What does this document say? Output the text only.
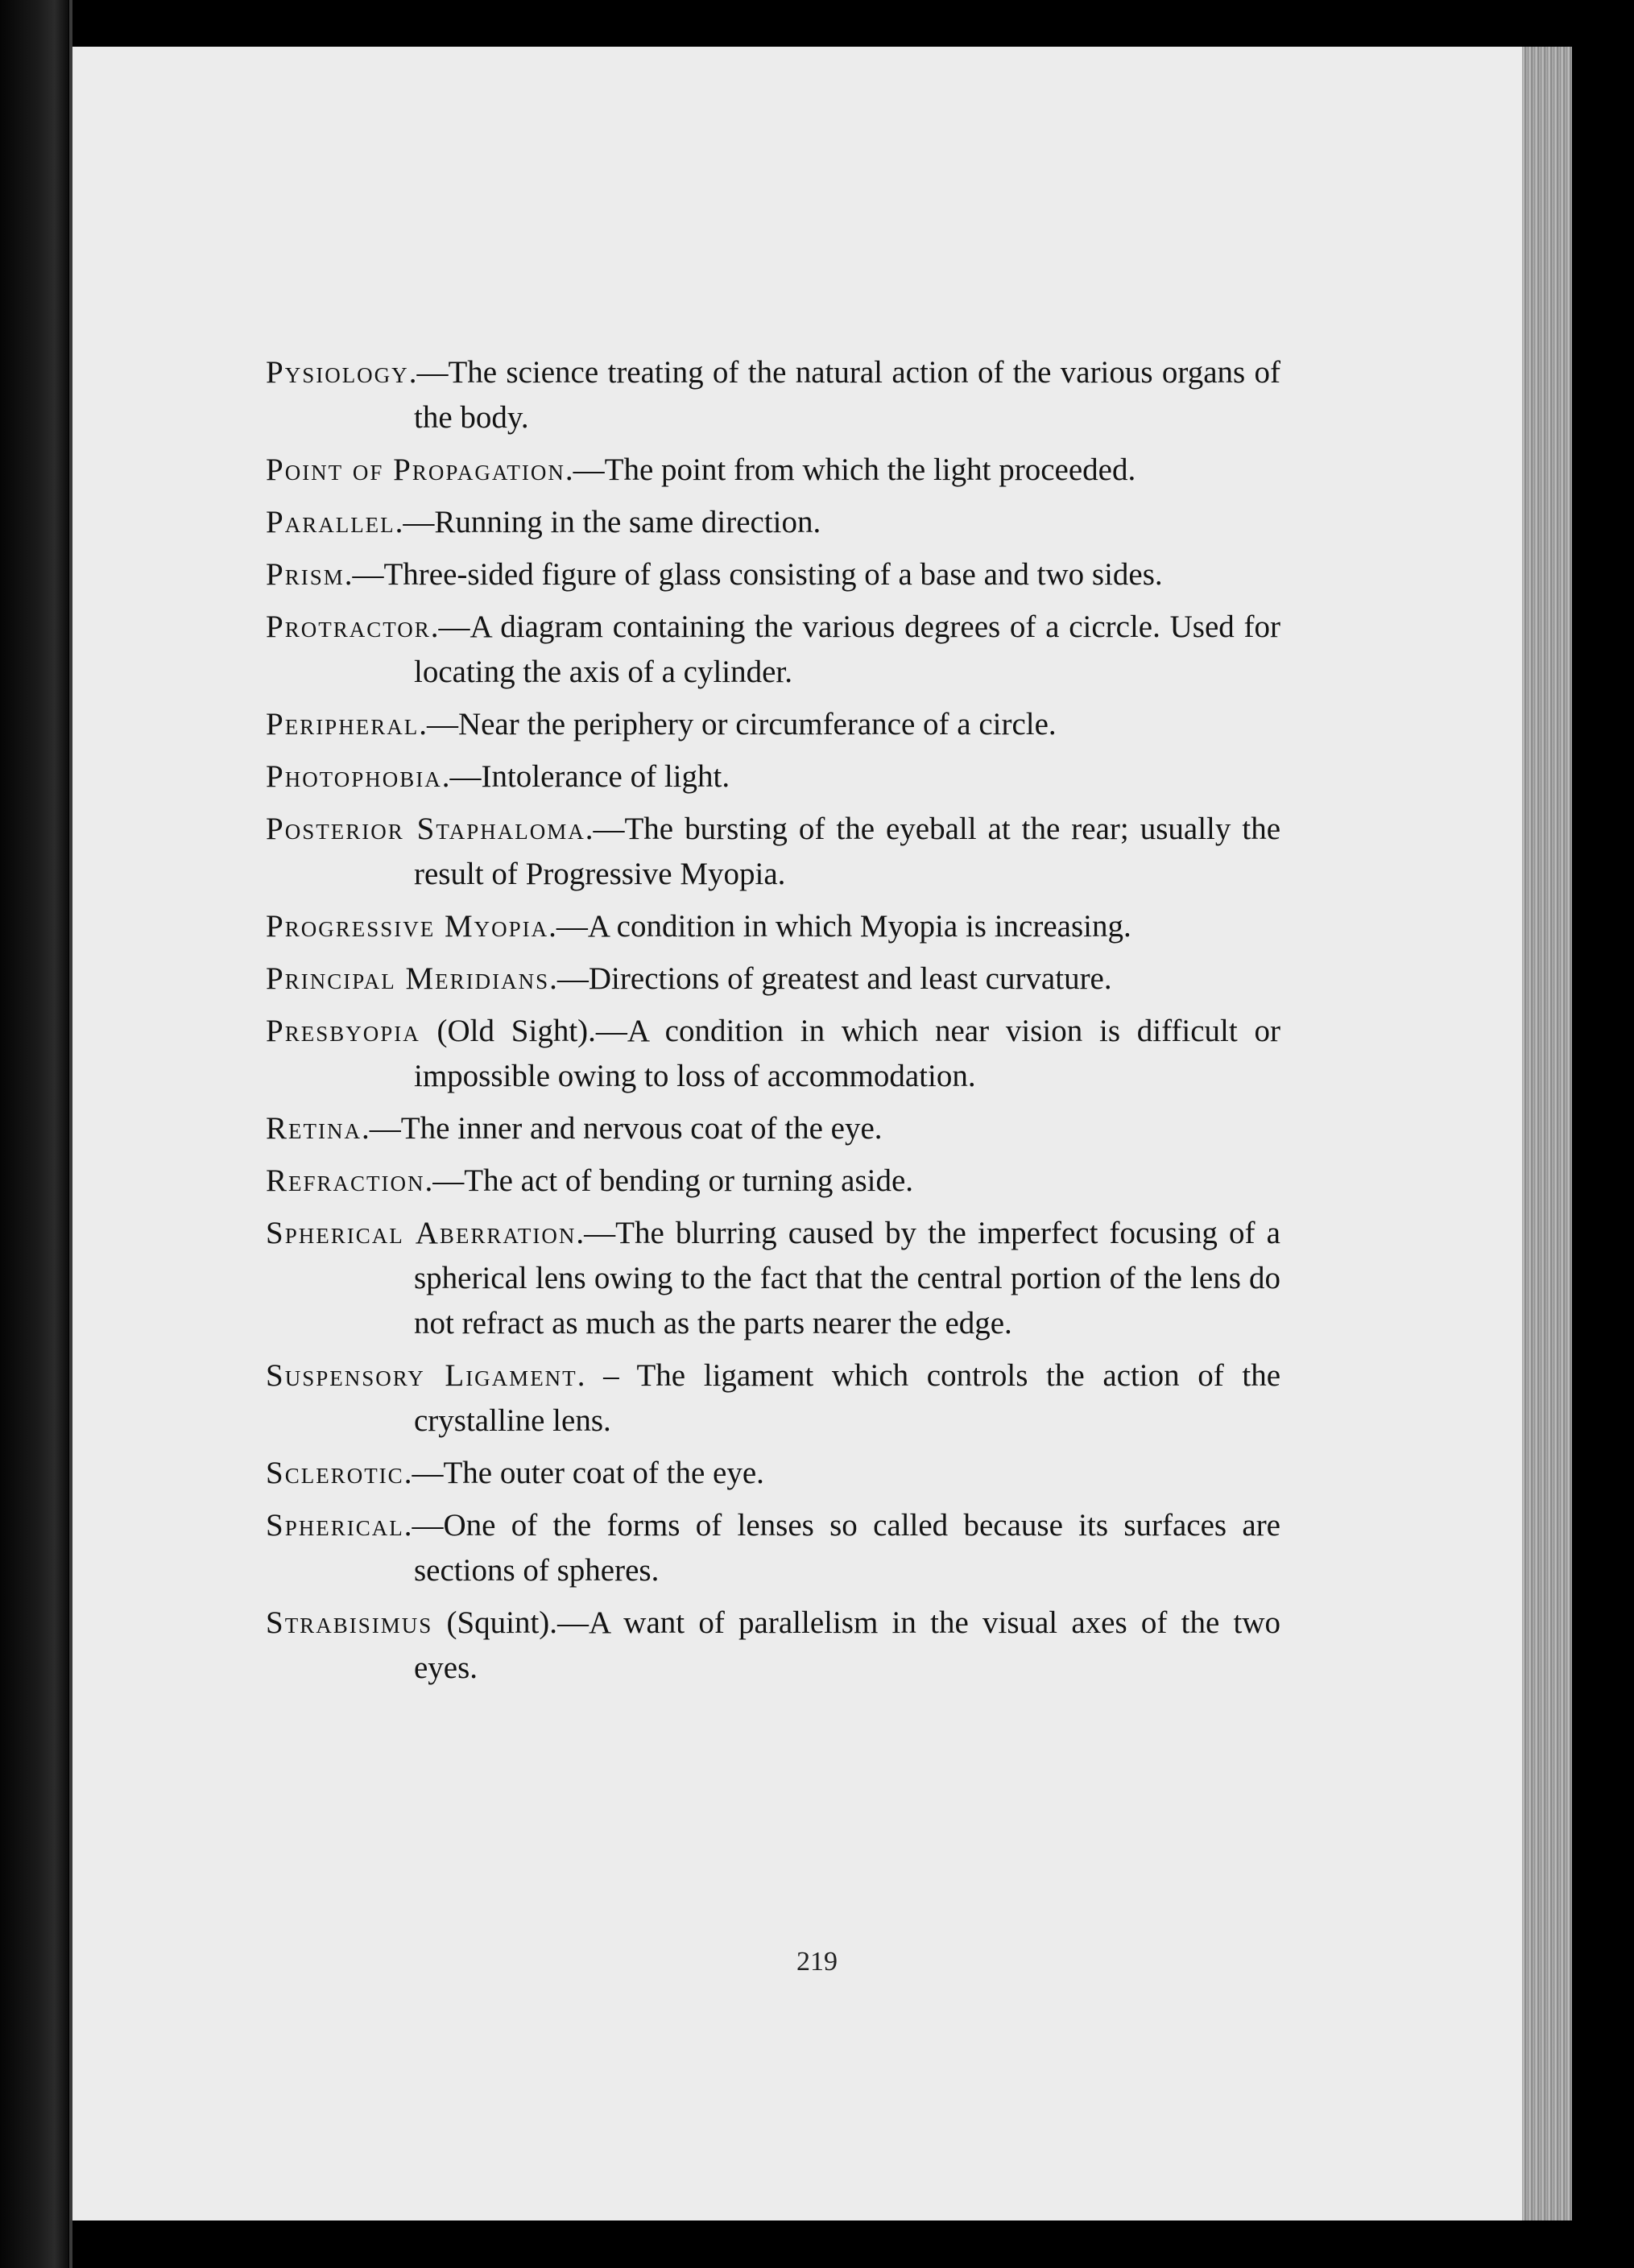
Pysiology.—The science treating of the natural action of the various organs of the body.

Point of Propagation.—The point from which the light proceeded.

Parallel.—Running in the same direction.

Prism.—Three-sided figure of glass consisting of a base and two sides.

Protractor.—A diagram containing the various degrees of a cicrcle. Used for locating the axis of a cylinder.

Peripheral.—Near the periphery or circumferance of a circle.

Photophobia.—Intolerance of light.

Posterior Staphaloma.—The bursting of the eyeball at the rear; usually the result of Progressive Myopia.

Progressive Myopia.—A condition in which Myopia is increasing.

Principal Meridians.—Directions of greatest and least curvature.

Presbyopia (Old Sight).—A condition in which near vision is difficult or impossible owing to loss of accommodation.

Retina.—The inner and nervous coat of the eye.

Refraction.—The act of bending or turning aside.

Spherical Aberration.—The blurring caused by the imperfect focusing of a spherical lens owing to the fact that the central portion of the lens do not refract as much as the parts nearer the edge.

Suspensory Ligament. – The ligament which controls the action of the crystalline lens.

Sclerotic.—The outer coat of the eye.

Spherical.—One of the forms of lenses so called because its surfaces are sections of spheres.

Strabisimus (Squint).—A want of parallelism in the visual axes of the two eyes.

219
